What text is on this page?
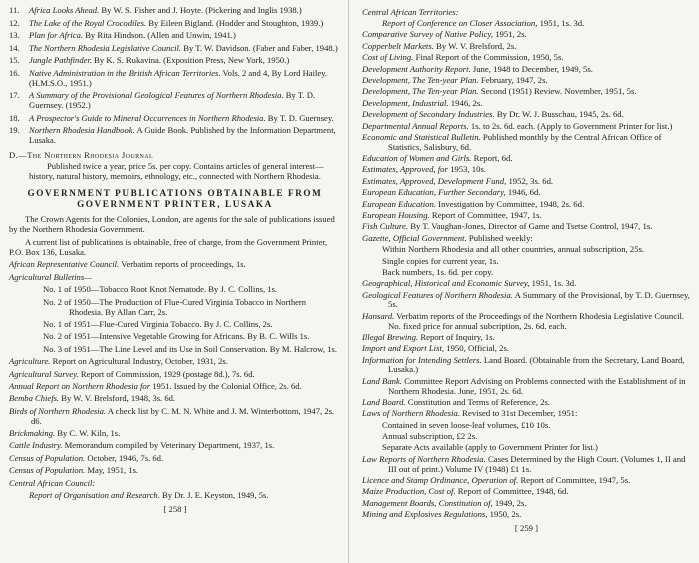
11.	Africa Looks Ahead. By W. S. Fisher and J. Hoyte. (Pickering and Inglis 1938.)
12.	The Lake of the Royal Crocodiles. By Eileen Bigland. (Hodder and Stoughton, 1939.)
13.	Plan for Africa. By Rita Hindson. (Allen and Unwin, 1941.)
14.	The Northern Rhodesia Legislative Council. By T. W. Davidson. (Faber and Faber, 1948.)
15.	Jungle Pathfinder. By K. S. Rukavina. (Exposition Press, New York, 1950.)
16.	Native Administration in the British African Territories. Vols. 2 and 4, By Lord Hailey. (H.M.S.O., 1951.)
17.	A Summary of the Provisional Geological Features of Northern Rhodesia. By T. D. Guernsey. (1952.)
18.	A Prospector's Guide to Mineral Occurrences in Northern Rhodesia. By T. D. Guernsey.
19.	Northern Rhodesia Handbook. A Guide Book. Published by the Information Department, Lusaka.

D.—The Northern Rhodesia Journal

Published twice a year, price 5s. per copy. Contains articles of general interest—history, natural history, memoirs, ethnology, etc., connected with Northern Rhodesia.

GOVERNMENT PUBLICATIONS OBTAINABLE FROM
GOVERNMENT PRINTER, LUSAKA

The Crown Agents for the Colonies, London, are agents for the sale of publications issued by the Northern Rhodesia Government.

A current list of publications is obtainable, free of charge, from the Government Printer, P.O. Box 136, Lusaka.

African Representative Council. Verbatim reports of proceedings, 1s.

Agricultural Bulletins—

No. 1 of 1950—Tobacco Root Knot Nematode. By J. C. Collins, 1s.

No. 2 of 1950—The Production of Flue-Cured Virginia Tobacco in Northern Rhodesia. By Allan Carr, 2s.

No. 1 of 1951—Flue-Cured Virginia Tobacco. By J. C. Collins, 2s.

No. 2 of 1951—Intensive Vegetable Growing for Africans. By B. C. Wills 1s.

No. 3 of 1951—The Line Level and its Use in Soil Conservation. By M. Halcrow, 1s.

Agriculture. Report on Agricultural Industry, October, 1931, 2s.

Agricultural Survey. Report of Commission, 1929 (postage 8d.), 7s. 6d.

Annual Report on Northern Rhodesia for 1951. Issued by the Colonial Office, 2s. 6d.

Bemba Chiefs. By W. V. Brelsford, 1948, 3s. 6d.

Birds of Northern Rhodesia. A check list by C. M. N. White and J. M. Winterbottom, 1947, 2s. d6.

Brickmaking. By C. W. Kiln, 1s.

Cattle Industry. Memorandum compiled by Veterinary Department, 1937, 1s.

Census of Population. October, 1946, 7s. 6d.

Census of Population. May, 1951, 1s.

Central African Council:

Report of Organisation and Research. By Dr. J. E. Keyston, 1949, 5s.

[ 258 ]

Central African Territories:

Report of Conference on Closer Association, 1951, 1s. 3d.

Comparative Survey of Native Policy, 1951, 2s.

Copperbelt Markets. By W. V. Brelsford, 2s.

Cost of Living. Final Report of the Commission, 1950, 5s.

Development Authority Report. June, 1948 to December, 1949, 5s.

Development, The Ten-year Plan. February, 1947, 2s.

Development, The Ten-year Plan. Second (1951) Review. November, 1951, 5s.

Development, Industrial. 1946, 2s.

Development of Secondary Industries. By Dr. W. J. Busschau, 1945, 2s. 6d.

Departmental Annual Reports. 1s. to 2s. 6d. each. (Apply to Government Printer for list.)

Economic and Statistical Bulletin. Published monthly by the Central African Office of Statistics, Salisbury, 6d.

Education of Women and Girls. Report, 6d.

Estimates, Approved, for 1953, 10s.

Estimates, Approved, Development Fund, 1952, 3s. 6d.

European Education, Further Secondary, 1946, 6d.

European Education. Investigation by Committee, 1948, 2s. 6d.

European Housing. Report of Committee, 1947, 1s.

Fish Culture. By T. Vaughan-Jones, Director of Game and Tsetse Control, 1947, 1s.

Gazette, Official Government. Published weekly:

Within Northern Rhodesia and all other countries, annual subscription, 25s.

Single copies for current year, 1s.

Back numbers, 1s. 6d. per copy.

Geographical, Historical and Economic Survey, 1951, 1s. 3d.

Geological Features of Northern Rhodesia. A Summary of the Provisional, by T. D. Guernsey, 5s.

Hansard. Verbatim reports of the Proceedings of the Northern Rhodesia Legislative Council. No. fixed price for annual subcription, 2s. 6d. each.

Illegal Brewing. Report of Inquiry, 1s.

Import and Export List, 1950, Official, 2s.

Information for Intending Settlers. Land Board. (Obtainable from the Secretary, Land Board, Lusaka.)

Land Bank. Committee Report Advising on Problems connected with the Establishment of in Northern Rhodesia. June, 1951, 2s. 6d.

Land Board. Constitution and Terms of Reference, 2s.

Laws of Northern Rhodesia. Revised to 31st December, 1951:

Contained in seven loose-leaf volumes, £10 10s.

Annual subscription, £2 2s.

Separate Acts available (apply to Government Printer for list.)

Law Reports of Northern Rhodesia. Cases Determined by the High Court. (Volumes 1, II and III out of print.) Volume IV (1948) £1 1s.

Licence and Stamp Ordinance, Operation of. Report of Committee, 1947, 5s.

Maize Production, Cost of. Report of Committee, 1948, 6d.

Management Boards, Constitution of, 1949, 2s.

Mining and Explosives Regulations, 1950, 2s.

[ 259 ]
